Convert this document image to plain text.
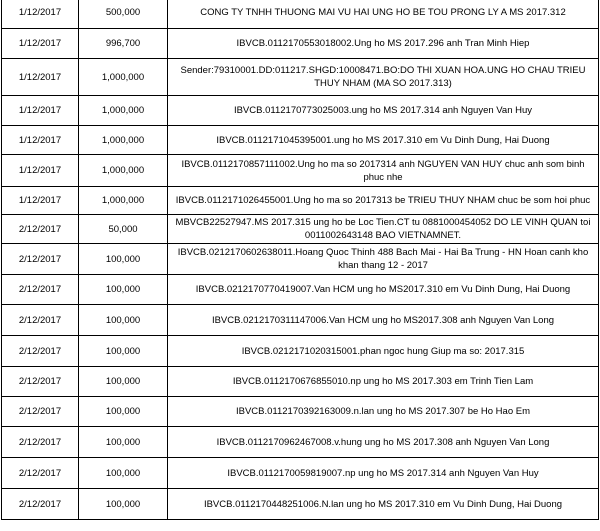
1/12/2017	500,000	CONG TY TNHH THUONG MAI VU HAI UNG HO BE TOU PRONG LY A MS 2017.312
1/12/2017	996,700	IBVCB.0112170553018002.Ung ho MS 2017.296 anh Tran Minh Hiep
1/12/2017	1,000,000	Sender:79310001.DD:011217.SHGD:10008471.BO:DO THI XUAN HOA.UNG HO CHAU TRIEU THUY NHAM (MA SO 2017.313)
1/12/2017	1,000,000	IBVCB.0112170773025003.ung ho MS 2017.314 anh Nguyen Van Huy
1/12/2017	1,000,000	IBVCB.0112171045395001.ung ho MS 2017.310 em Vu Dinh Dung, Hai Duong
1/12/2017	1,000,000	IBVCB.0112170857111002.Ung ho ma so 2017314 anh NGUYEN VAN HUY chuc anh som binh phuc nhe
1/12/2017	1,000,000	IBVCB.0112171026455001.Ung ho ma so 2017313 be TRIEU THUY NHAM chuc be som hoi phuc
2/12/2017	50,000	MBVCB22527947.MS 2017.315 ung ho be Loc Tien.CT tu 0881000454052 DO LE VINH QUAN toi 0011002643148 BAO VIETNAMNET.
2/12/2017	100,000	IBVCB.0212170602638011.Hoang Quoc Thinh 488 Bach Mai - Hai Ba Trung - HN Hoan canh kho khan thang 12 - 2017
2/12/2017	100,000	IBVCB.0212170770419007.Van HCM ung ho MS2017.310 em Vu Dinh Dung, Hai Duong
2/12/2017	100,000	IBVCB.0212170311147006.Van HCM ung ho MS2017.308 anh Nguyen Van Long
2/12/2017	100,000	IBVCB.0212171020315001.phan ngoc hung Giup ma so: 2017.315
2/12/2017	100,000	IBVCB.0112170676855010.np ung ho MS 2017.303 em Trinh Tien Lam
2/12/2017	100,000	IBVCB.0112170392163009.n.lan ung ho MS 2017.307 be Ho Hao Em
2/12/2017	100,000	IBVCB.0112170962467008.v.hung ung ho MS 2017.308 anh Nguyen Van Long
2/12/2017	100,000	IBVCB.0112170059819007.np ung ho MS 2017.314 anh Nguyen Van Huy
2/12/2017	100,000	IBVCB.0112170448251006.N.lan ung ho MS 2017.310 em Vu Dinh Dung, Hai Duong
